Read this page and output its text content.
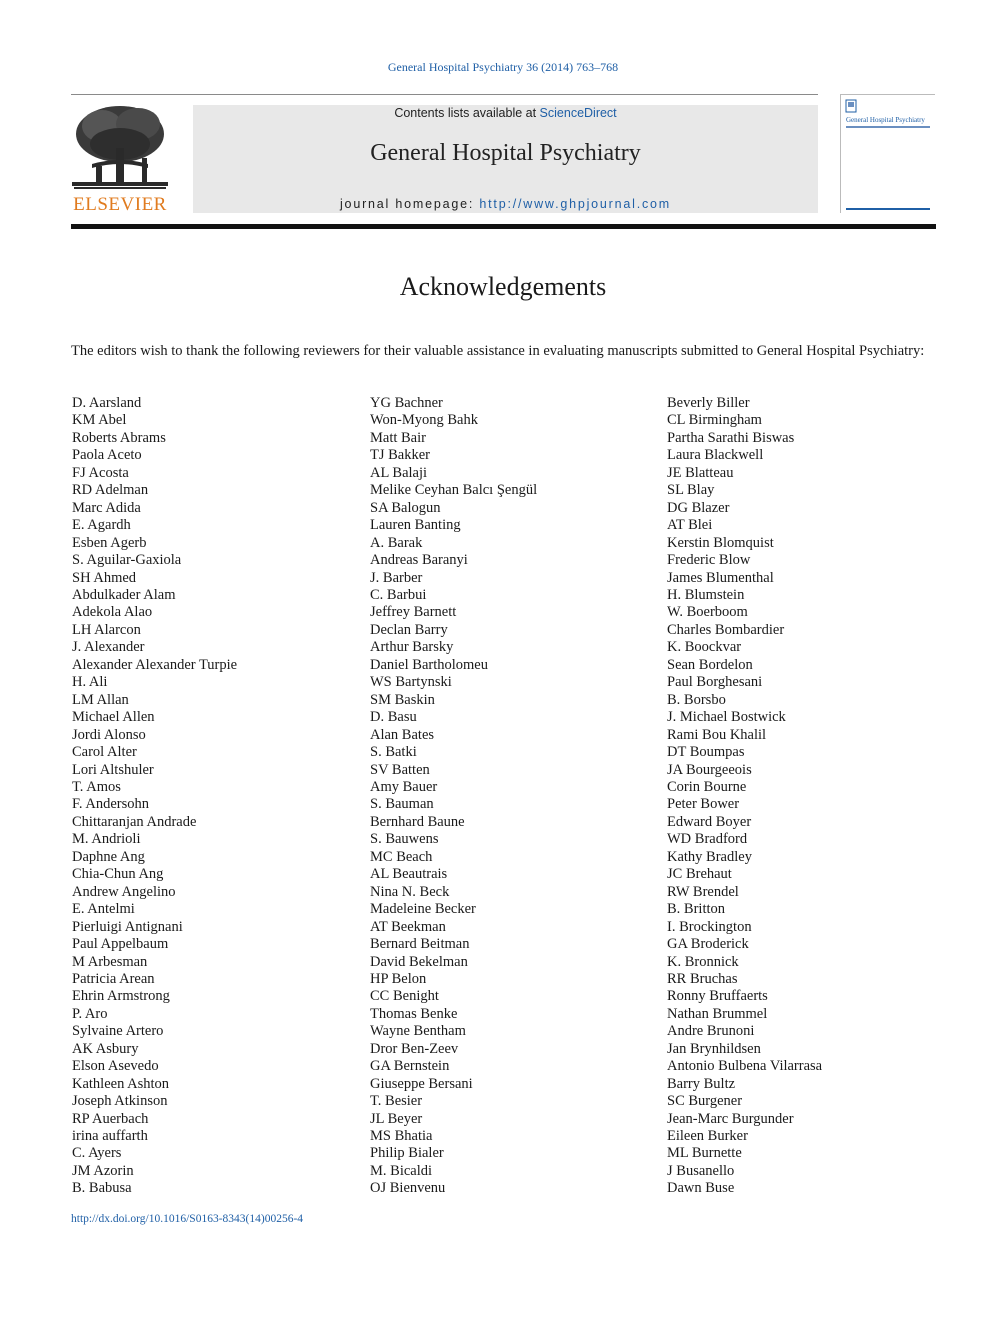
General Hospital Psychiatry 36 (2014) 763–768
ELSEVIER
Contents lists available at ScienceDirect
General Hospital Psychiatry
journal homepage: http://www.ghpjournal.com
General Hospital Psychiatry
Acknowledgements
The editors wish to thank the following reviewers for their valuable assistance in evaluating manuscripts submitted to General Hospital Psychiatry:
D. Aarsland
KM Abel
Roberts Abrams
Paola Aceto
FJ Acosta
RD Adelman
Marc Adida
E. Agardh
Esben Agerb
S. Aguilar-Gaxiola
SH Ahmed
Abdulkader Alam
Adekola Alao
LH Alarcon
J. Alexander
Alexander Alexander Turpie
H. Ali
LM Allan
Michael Allen
Jordi Alonso
Carol Alter
Lori Altshuler
T. Amos
F. Andersohn
Chittaranjan Andrade
M. Andrioli
Daphne Ang
Chia-Chun Ang
Andrew Angelino
E. Antelmi
Pierluigi Antignani
Paul Appelbaum
M Arbesman
Patricia Arean
Ehrin Armstrong
P. Aro
Sylvaine Artero
AK Asbury
Elson Asevedo
Kathleen Ashton
Joseph Atkinson
RP Auerbach
irina auffarth
C. Ayers
JM Azorin
B. Babusa
YG Bachner
Won-Myong Bahk
Matt Bair
TJ Bakker
AL Balaji
Melike Ceyhan Balcı Şengül
SA Balogun
Lauren Banting
A. Barak
Andreas Baranyi
J. Barber
C. Barbui
Jeffrey Barnett
Declan Barry
Arthur Barsky
Daniel Bartholomeu
WS Bartynski
SM Baskin
D. Basu
Alan Bates
S. Batki
SV Batten
Amy Bauer
S. Bauman
Bernhard Baune
S. Bauwens
MC Beach
AL Beautrais
Nina N. Beck
Madeleine Becker
AT Beekman
Bernard Beitman
David Bekelman
HP Belon
CC Benight
Thomas Benke
Wayne Bentham
Dror Ben-Zeev
GA Bernstein
Giuseppe Bersani
T. Besier
JL Beyer
MS Bhatia
Philip Bialer
M. Bicaldi
OJ Bienvenu
Beverly Biller
CL Birmingham
Partha Sarathi Biswas
Laura Blackwell
JE Blatteau
SL Blay
DG Blazer
AT Blei
Kerstin Blomquist
Frederic Blow
James Blumenthal
H. Blumstein
W. Boerboom
Charles Bombardier
K. Boockvar
Sean Bordelon
Paul Borghesani
B. Borsbo
J. Michael Bostwick
Rami Bou Khalil
DT Boumpas
JA Bourgeeois
Corin Bourne
Peter Bower
Edward Boyer
WD Bradford
Kathy Bradley
JC Brehaut
RW Brendel
B. Britton
I. Brockington
GA Broderick
K. Bronnick
RR Bruchas
Ronny Bruffaerts
Nathan Brummel
Andre Brunoni
Jan Brynhildsen
Antonio Bulbena Vilarrasa
Barry Bultz
SC Burgener
Jean-Marc Burgunder
Eileen Burker
ML Burnette
J Busanello
Dawn Buse
http://dx.doi.org/10.1016/S0163-8343(14)00256-4
